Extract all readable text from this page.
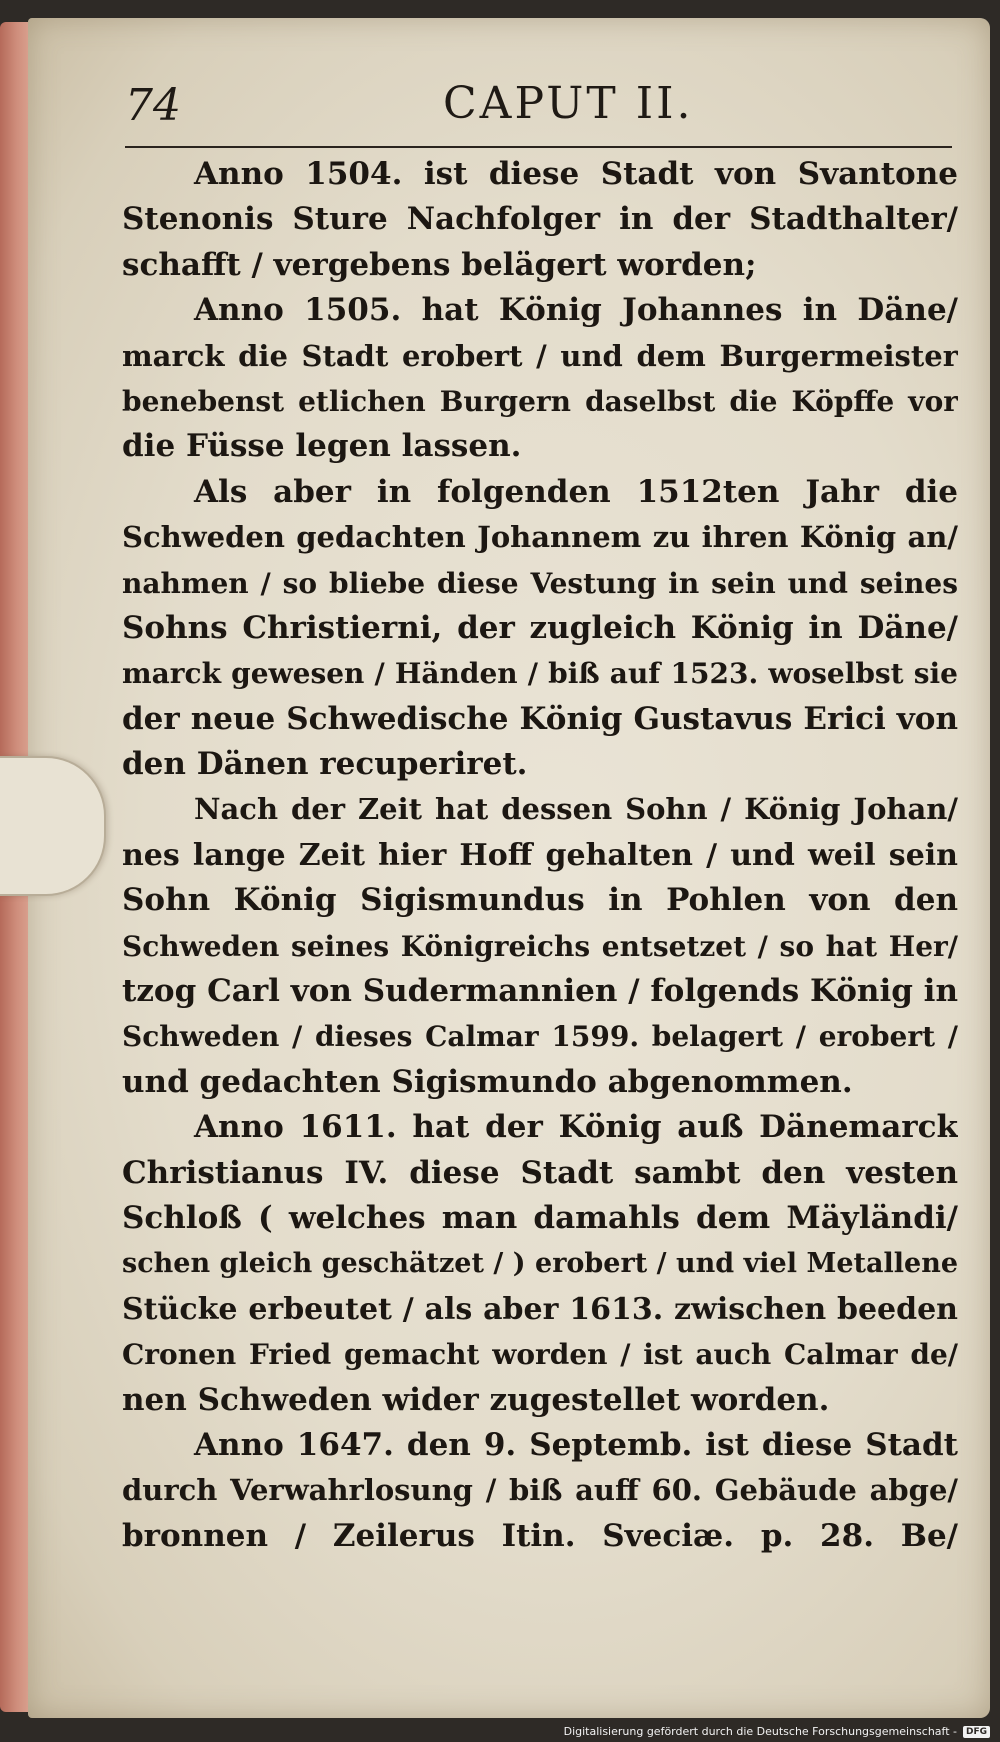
74	CAPUT II.
Anno 1504. ist diese Stadt von Svantone
Stenonis Sture Nachfolger in der Stadthalter/
schafft / vergebens belägert worden;
Anno 1505. hat König Johannes in Däne/
marck die Stadt erobert / und dem Burgermeister
benebenst etlichen Burgern daselbst die Köpffe vor
die Füsse legen lassen.
Als aber in folgenden 1512ten Jahr die
Schweden gedachten Johannem zu ihren König an/
nahmen / so bliebe diese Vestung in sein und seines
Sohns Christierni, der zugleich König in Däne/
marck gewesen / Händen / biß auf 1523. woselbst sie
der neue Schwedische König Gustavus Erici von
den Dänen recuperiret.
Nach der Zeit hat dessen Sohn / König Johan/
nes lange Zeit hier Hoff gehalten / und weil sein
Sohn König Sigismundus in Pohlen von den
Schweden seines Königreichs entsetzet / so hat Her/
tzog Carl von Sudermannien / folgends König in
Schweden / dieses Calmar 1599. belagert / erobert /
und gedachten Sigismundo abgenommen.
Anno 1611. hat der König auß Dänemarck
Christianus IV. diese Stadt sambt den vesten
Schloß ( welches man damahls dem Mäyländi/
schen gleich geschätzet / ) erobert / und viel Metallene
Stücke erbeutet / als aber 1613. zwischen beeden
Cronen Fried gemacht worden / ist auch Calmar de/
nen Schweden wider zugestellet worden.
Anno 1647. den 9. Septemb. ist diese Stadt
durch Verwahrlosung / biß auff 60. Gebäude abge/
bronnen / Zeilerus Itin. Sveciæ. p. 28. Be/
Digitalisierung gefördert durch die Deutsche Forschungsgemeinschaft -	DFG
